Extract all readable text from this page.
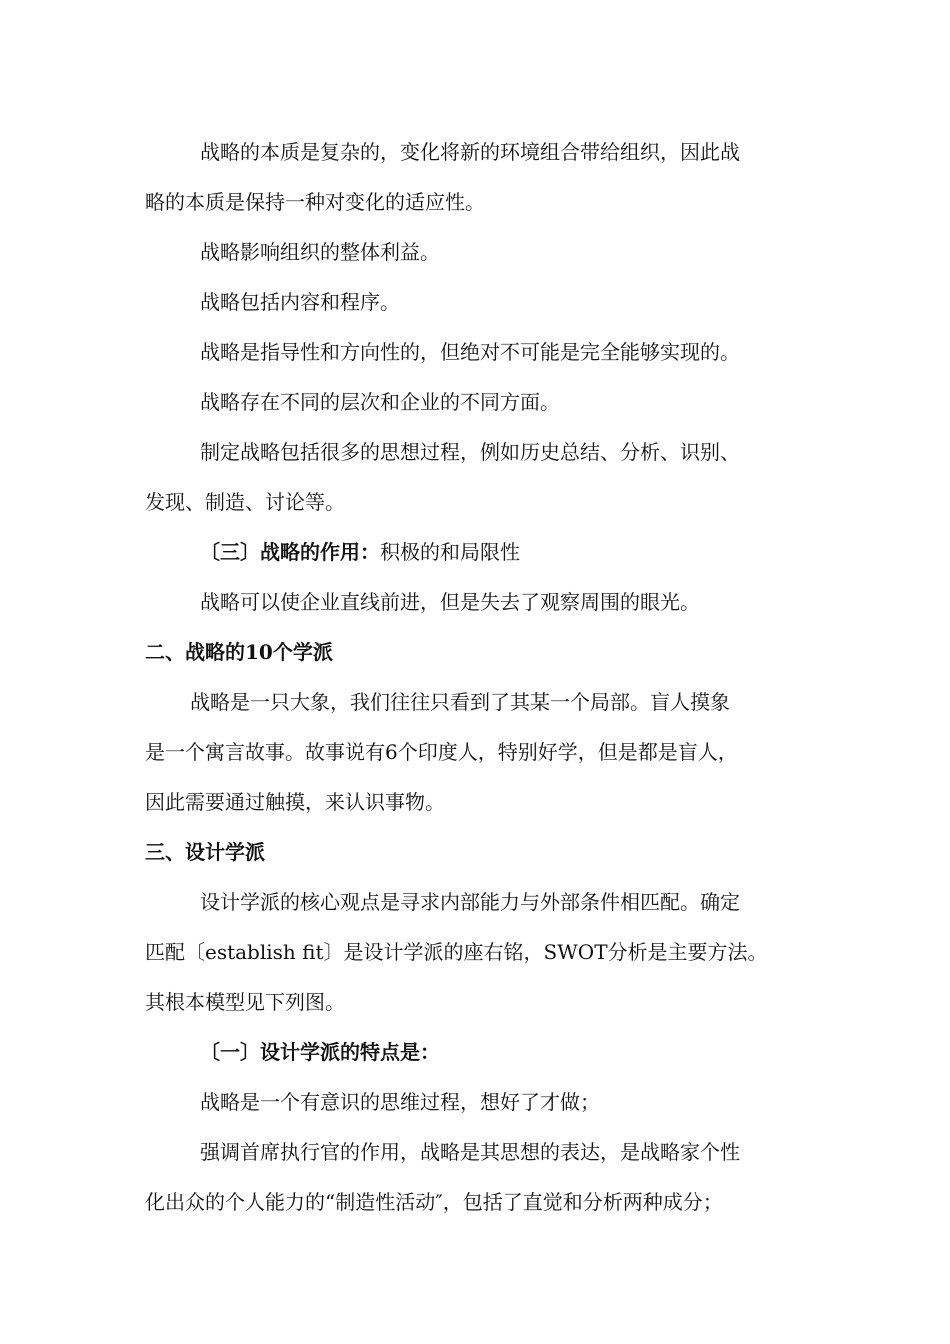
战略的本质是复杂的，变化将新的环境组合带给组织，因此战
略的本质是保持一种对变化的适应性。
战略影响组织的整体利益。
战略包括内容和程序。
战略是指导性和方向性的，但绝对不可能是完全能够实现的。
战略存在不同的层次和企业的不同方面。
制定战略包括很多的思想过程，例如历史总结、分析、识别、
发现、制造、讨论等。
〔三〕战略的作用：积极的和局限性
战略可以使企业直线前进，但是失去了观察周围的眼光。
二、战略的10个学派
战略是一只大象，我们往往只看到了其某一个局部。盲人摸象
是一个寓言故事。故事说有6个印度人，特别好学，但是都是盲人，
因此需要通过触摸，来认识事物。
三、设计学派
设计学派的核心观点是寻求内部能力与外部条件相匹配。确定
匹配〔establish fit〕是设计学派的座右铭，SWOT分析是主要方法。
其根本模型见下列图。
〔一〕设计学派的特点是：
战略是一个有意识的思维过程，想好了才做；
强调首席执行官的作用，战略是其思想的表达，是战略家个性
化出众的个人能力的“制造性活动″，包括了直觉和分析两种成分；
